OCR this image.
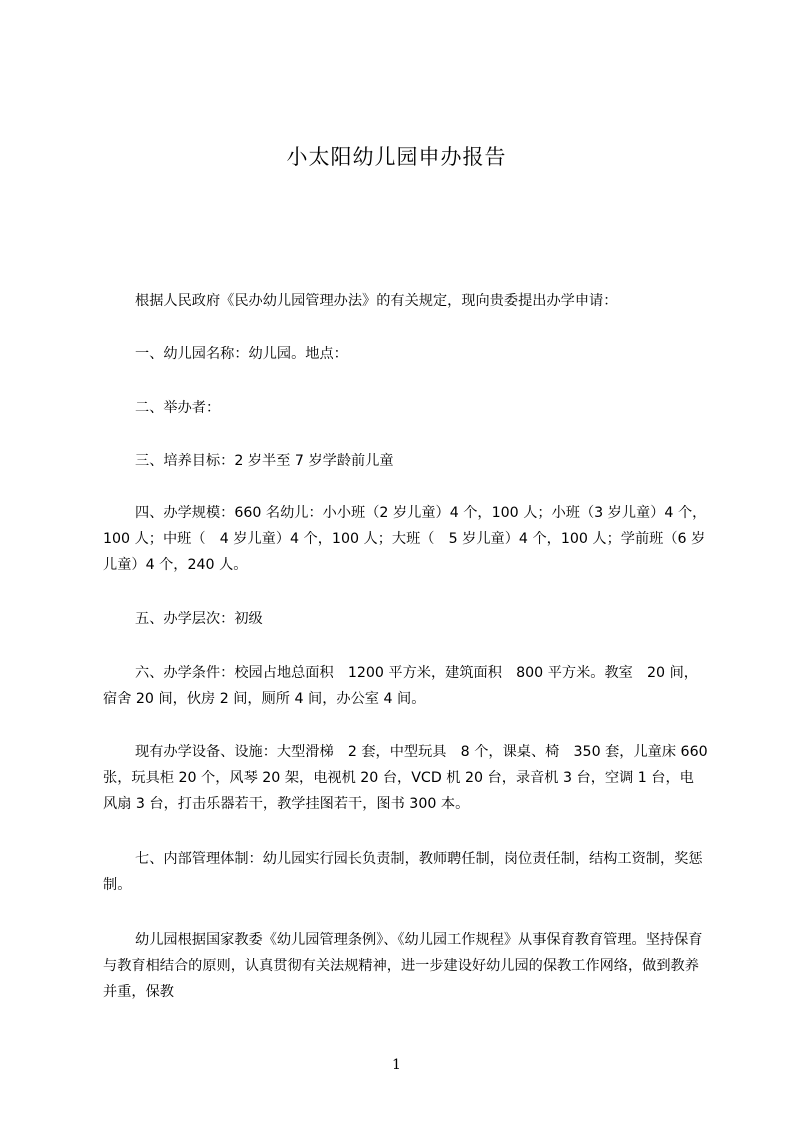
小太阳幼儿园申办报告

根据人民政府《民办幼儿园管理办法》的有关规定，现向贵委提出办学申请：

一、幼儿园名称：幼儿园。地点：

二、举办者：

三、培养目标：2 岁半至 7 岁学龄前儿童

四、办学规模：660 名幼儿：小小班（2 岁儿童）4 个，100 人；小班（3 岁儿童）4 个，100 人；中班（　4 岁儿童）4 个，100 人；大班（　5 岁儿童）4 个，100 人；学前班（6 岁儿童）4 个，240 人。

五、办学层次：初级

六、办学条件：校园占地总面积　1200 平方米，建筑面积　800 平方米。教室　20 间，宿舍 20 间，伙房 2 间，厕所 4 间，办公室 4 间。

现有办学设备、设施：大型滑梯　2 套，中型玩具　8 个，课桌、椅　350 套，儿童床 660 张，玩具柜 20 个，风琴 20 架，电视机 20 台，VCD 机 20 台，录音机 3 台，空调 1 台，电风扇 3 台，打击乐器若干，教学挂图若干，图书 300 本。

七、内部管理体制：幼儿园实行园长负责制，教师聘任制，岗位责任制，结构工资制，奖惩制。

幼儿园根据国家教委《幼儿园管理条例》、《幼儿园工作规程》从事保育教育管理。坚持保育与教育相结合的原则，认真贯彻有关法规精神，进一步建设好幼儿园的保教工作网络，做到教养并重，保教

1
